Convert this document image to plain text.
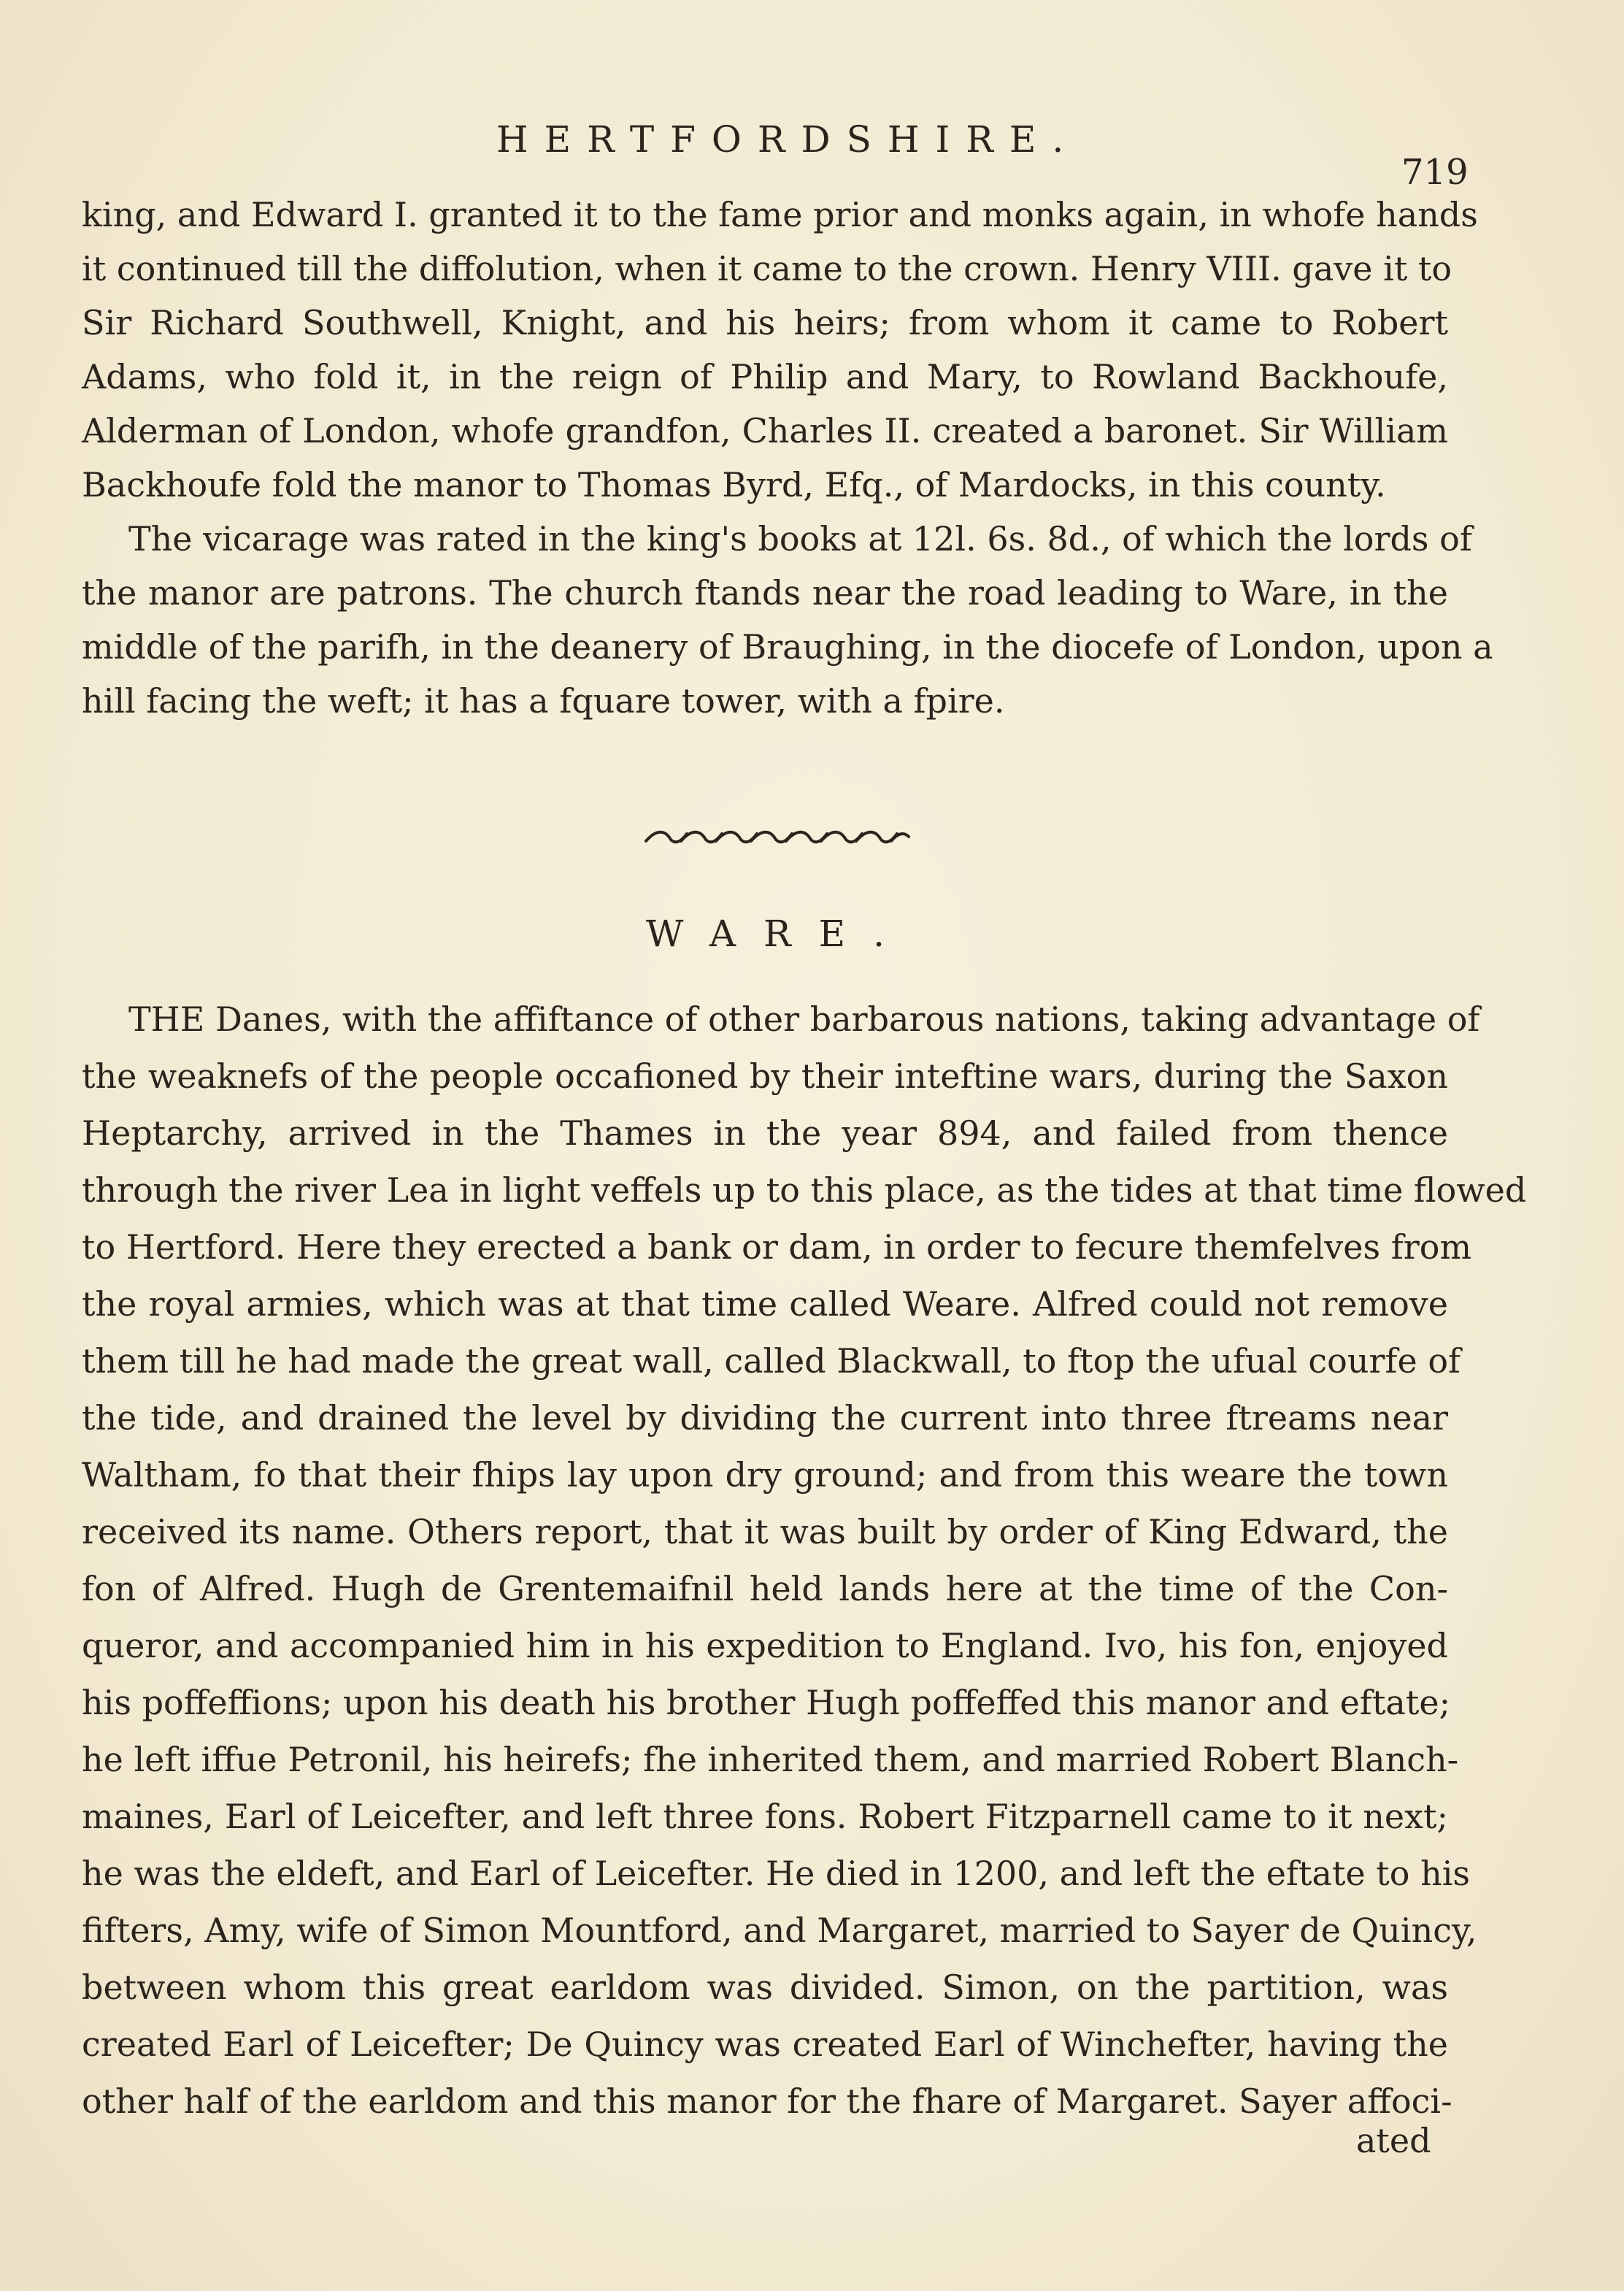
HERTFORDSHIRE.
719
king, and Edward I. granted it to the fame prior and monks again, in whofe hands
it continued till the diffolution, when it came to the crown. Henry VIII. gave it to
Sir Richard Southwell, Knight, and his heirs; from whom it came to Robert
Adams, who fold it, in the reign of Philip and Mary, to Rowland Backhoufe,
Alderman of London, whofe grandfon, Charles II. created a baronet. Sir William
Backhoufe fold the manor to Thomas Byrd, Efq., of Mardocks, in this county.
The vicarage was rated in the king's books at 12l. 6s. 8d., of which the lords of
the manor are patrons. The church ftands near the road leading to Ware, in the
middle of the parifh, in the deanery of Braughing, in the diocefe of London, upon a
hill facing the weft; it has a fquare tower, with a fpire.
WARE.
THE Danes, with the affiftance of other barbarous nations, taking advantage of
the weaknefs of the people occafioned by their inteftine wars, during the Saxon
Heptarchy, arrived in the Thames in the year 894, and failed from thence
through the river Lea in light veffels up to this place, as the tides at that time flowed
to Hertford. Here they erected a bank or dam, in order to fecure themfelves from
the royal armies, which was at that time called Weare. Alfred could not remove
them till he had made the great wall, called Blackwall, to ftop the ufual courfe of
the tide, and drained the level by dividing the current into three ftreams near
Waltham, fo that their fhips lay upon dry ground; and from this weare the town
received its name. Others report, that it was built by order of King Edward, the
fon of Alfred. Hugh de Grentemaifnil held lands here at the time of the Con-
queror, and accompanied him in his expedition to England. Ivo, his fon, enjoyed
his poffeffions; upon his death his brother Hugh poffeffed this manor and eftate;
he left iffue Petronil, his heirefs; fhe inherited them, and married Robert Blanch-
maines, Earl of Leicefter, and left three fons. Robert Fitzparnell came to it next;
he was the eldeft, and Earl of Leicefter. He died in 1200, and left the eftate to his
fifters, Amy, wife of Simon Mountford, and Margaret, married to Sayer de Quincy,
between whom this great earldom was divided. Simon, on the partition, was
created Earl of Leicefter; De Quincy was created Earl of Winchefter, having the
other half of the earldom and this manor for the fhare of Margaret. Sayer affoci-
ated
